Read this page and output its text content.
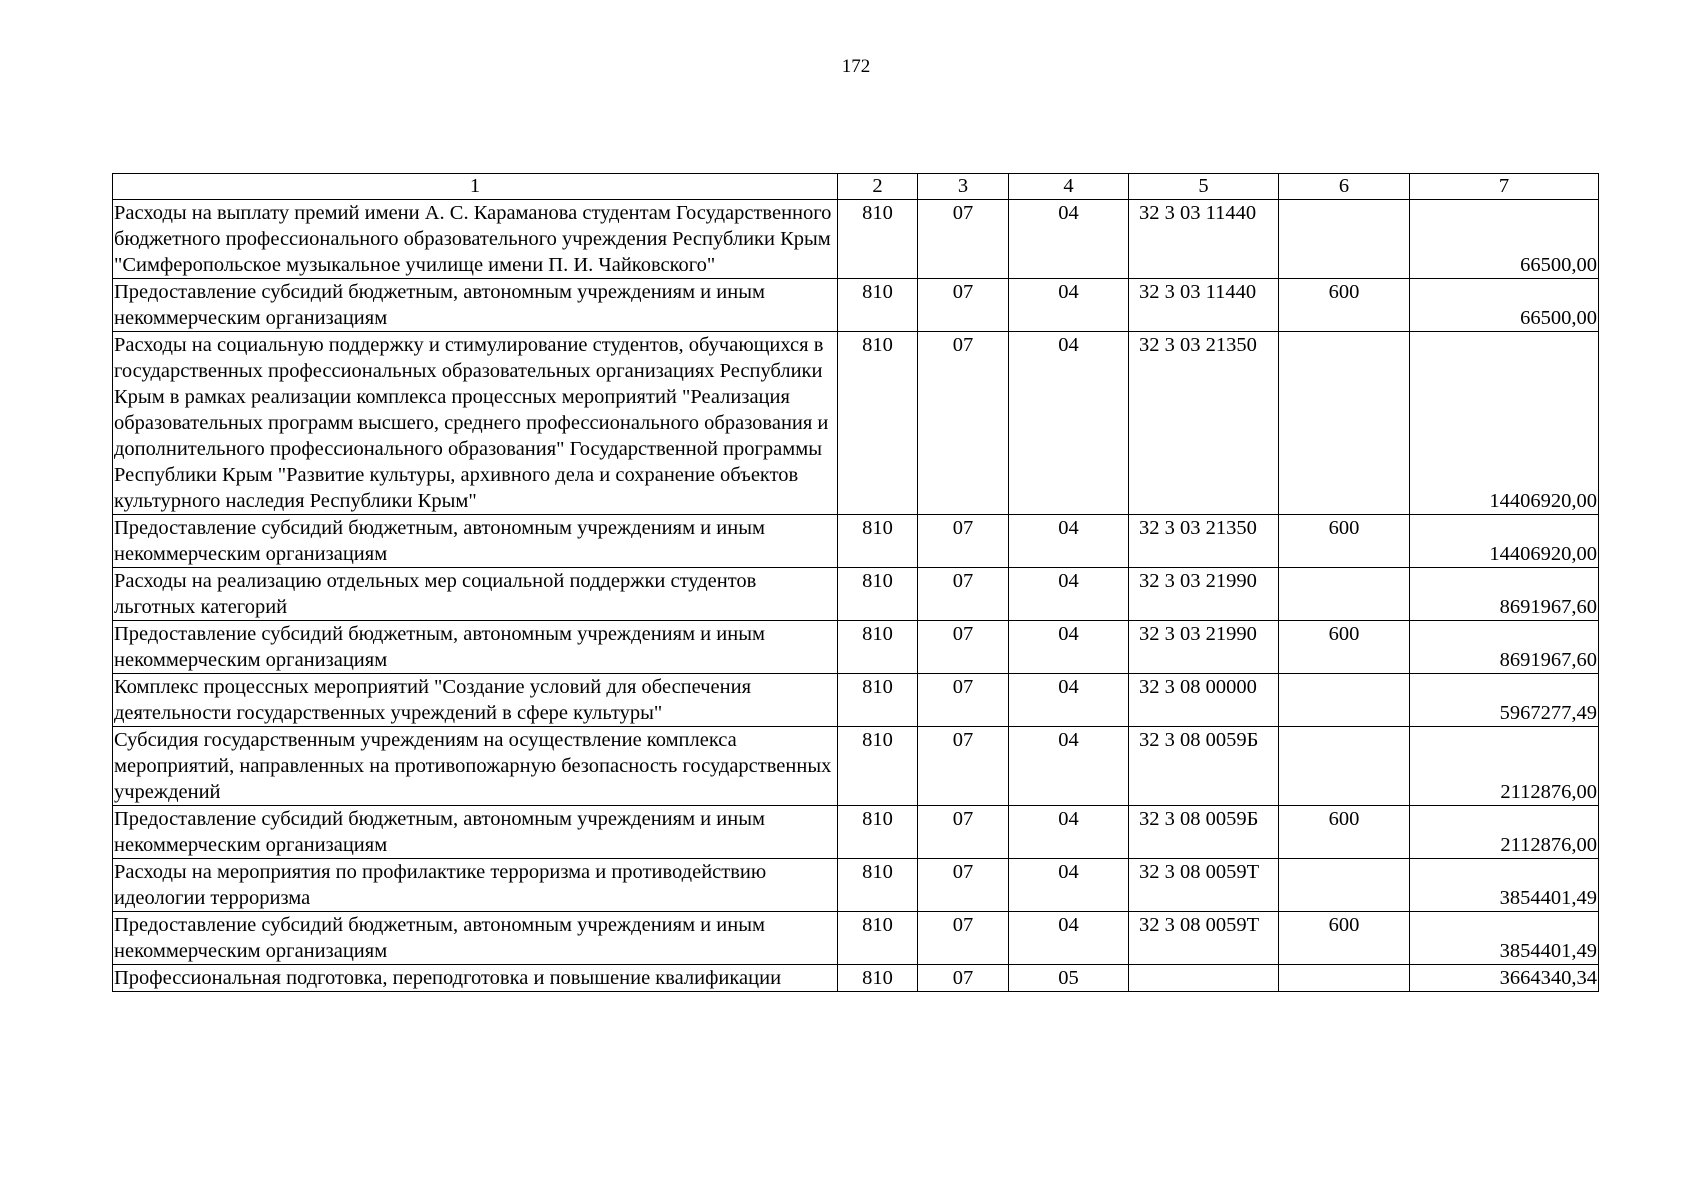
172
1	2	3	4	5	6	7
Расходы на выплату премий имени А. С. Караманова студентам Государственного бюджетного профессионального образовательного учреждения Республики Крым "Симферопольское музыкальное училище имени П. И. Чайковского"	810	07	04	32 3 03 11440		66500,00
Предоставление субсидий бюджетным, автономным учреждениям и иным некоммерческим организациям	810	07	04	32 3 03 11440	600	66500,00
Расходы на социальную поддержку и стимулирование студентов, обучающихся в государственных профессиональных образовательных организациях Республики Крым в рамках реализации комплекса процессных мероприятий "Реализация образовательных программ высшего, среднего профессионального образования и дополнительного профессионального образования" Государственной программы Республики Крым "Развитие культуры, архивного дела и сохранение объектов культурного наследия Республики Крым"	810	07	04	32 3 03 21350		14406920,00
Предоставление субсидий бюджетным, автономным учреждениям и иным некоммерческим организациям	810	07	04	32 3 03 21350	600	14406920,00
Расходы на реализацию отдельных мер социальной поддержки студентов льготных категорий	810	07	04	32 3 03 21990		8691967,60
Предоставление субсидий бюджетным, автономным учреждениям и иным некоммерческим организациям	810	07	04	32 3 03 21990	600	8691967,60
Комплекс процессных мероприятий "Создание условий для обеспечения деятельности государственных учреждений в сфере культуры"	810	07	04	32 3 08 00000		5967277,49
Субсидия государственным учреждениям на осуществление комплекса мероприятий, направленных на противопожарную безопасность государственных учреждений	810	07	04	32 3 08 0059Б		2112876,00
Предоставление субсидий бюджетным, автономным учреждениям и иным некоммерческим организациям	810	07	04	32 3 08 0059Б	600	2112876,00
Расходы на мероприятия по профилактике терроризма и противодействию идеологии терроризма	810	07	04	32 3 08 0059Т		3854401,49
Предоставление субсидий бюджетным, автономным учреждениям и иным некоммерческим организациям	810	07	04	32 3 08 0059Т	600	3854401,49
Профессиональная подготовка, переподготовка и повышение квалификации	810	07	05			3664340,34
